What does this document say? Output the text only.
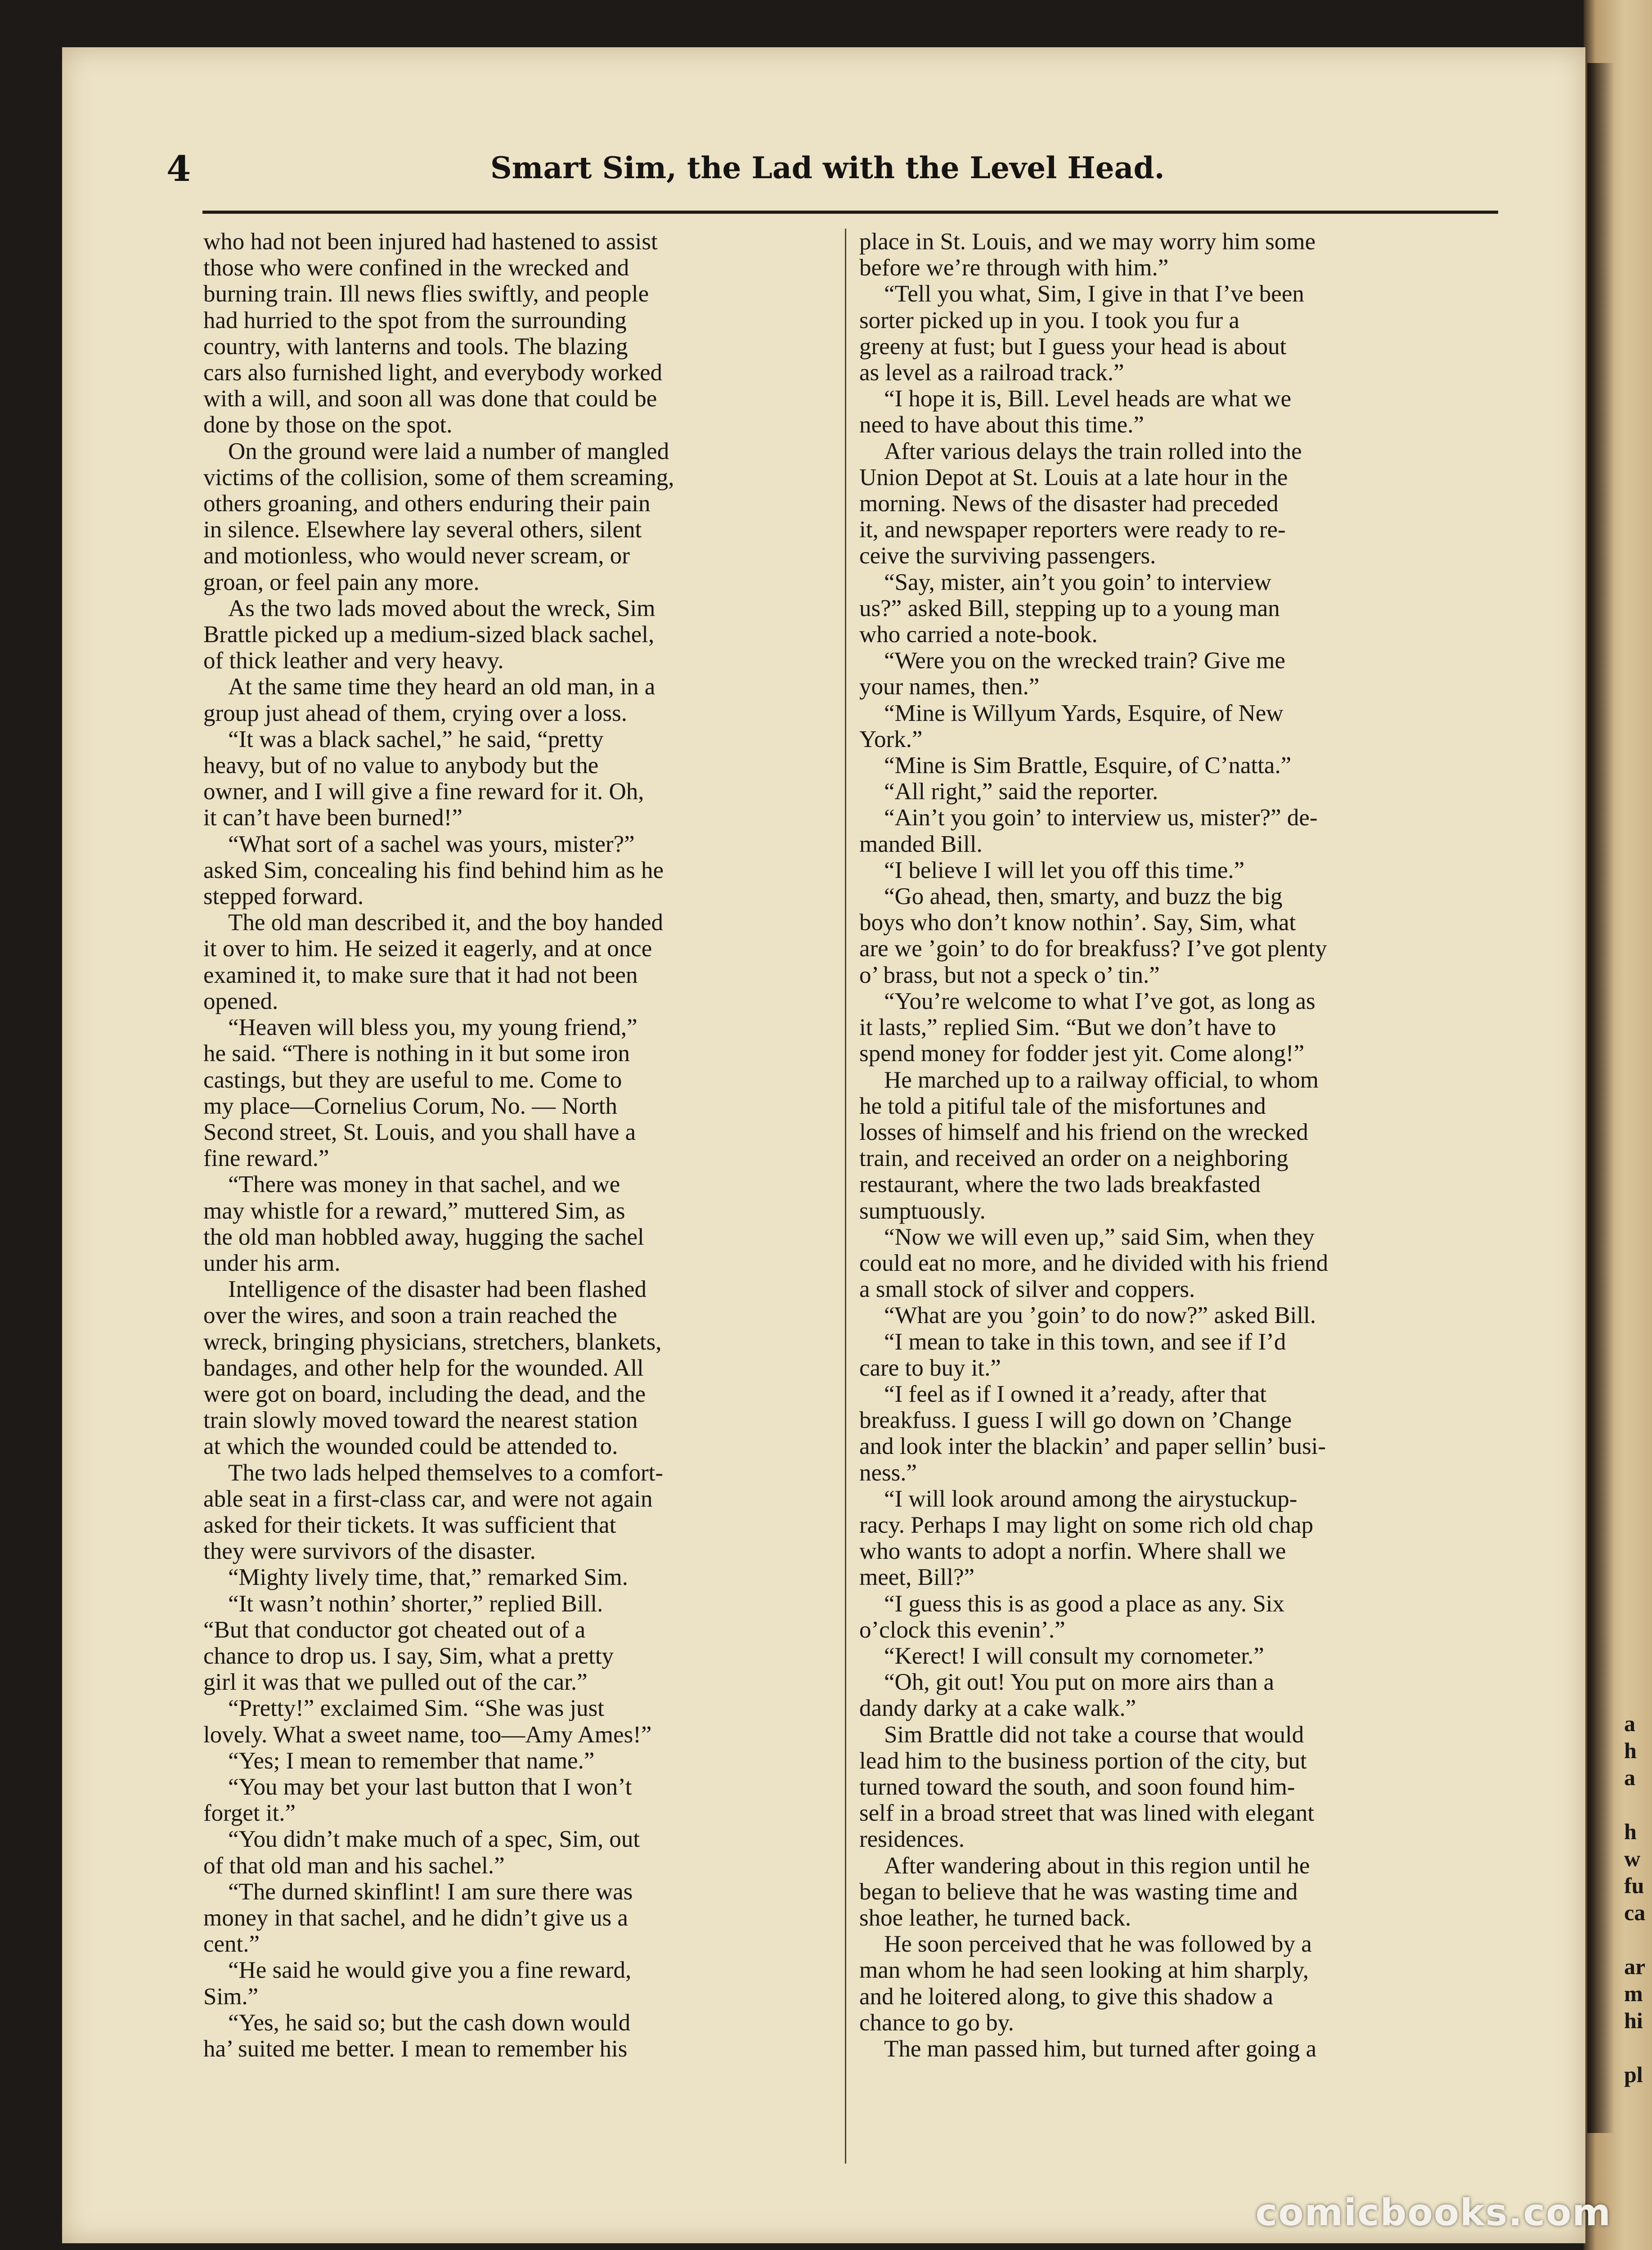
4	Smart Sim, the Lad with the Level Head.

who had not been injured had hastened to assist
those who were confined in the wrecked and
burning train. Ill news flies swiftly, and people
had hurried to the spot from the surrounding
country, with lanterns and tools. The blazing
cars also furnished light, and everybody worked
with a will, and soon all was done that could be
done by those on the spot.

On the ground were laid a number of mangled
victims of the collision, some of them screaming,
others groaning, and others enduring their pain
in silence. Elsewhere lay several others, silent
and motionless, who would never scream, or
groan, or feel pain any more.

As the two lads moved about the wreck, Sim
Brattle picked up a medium-sized black sachel,
of thick leather and very heavy.

At the same time they heard an old man, in a
group just ahead of them, crying over a loss.

“It was a black sachel,” he said, “pretty
heavy, but of no value to anybody but the
owner, and I will give a fine reward for it. Oh,
it can’t have been burned!”

“What sort of a sachel was yours, mister?”
asked Sim, concealing his find behind him as he
stepped forward.

The old man described it, and the boy handed
it over to him. He seized it eagerly, and at once
examined it, to make sure that it had not been
opened.

“Heaven will bless you, my young friend,”
he said. “There is nothing in it but some iron
castings, but they are useful to me. Come to
my place—Cornelius Corum, No. — North
Second street, St. Louis, and you shall have a
fine reward.”

“There was money in that sachel, and we
may whistle for a reward,” muttered Sim, as
the old man hobbled away, hugging the sachel
under his arm.

Intelligence of the disaster had been flashed
over the wires, and soon a train reached the
wreck, bringing physicians, stretchers, blankets,
bandages, and other help for the wounded. All
were got on board, including the dead, and the
train slowly moved toward the nearest station
at which the wounded could be attended to.

The two lads helped themselves to a comfort-
able seat in a first-class car, and were not again
asked for their tickets. It was sufficient that
they were survivors of the disaster.

“Mighty lively time, that,” remarked Sim.

“It wasn’t nothin’ shorter,” replied Bill.
“But that conductor got cheated out of a
chance to drop us. I say, Sim, what a pretty
girl it was that we pulled out of the car.”

“Pretty!” exclaimed Sim. “She was just
lovely. What a sweet name, too—Amy Ames!”

“Yes; I mean to remember that name.”

“You may bet your last button that I won’t
forget it.”

“You didn’t make much of a spec, Sim, out
of that old man and his sachel.”

“The durned skinflint! I am sure there was
money in that sachel, and he didn’t give us a
cent.”

“He said he would give you a fine reward,
Sim.”

“Yes, he said so; but the cash down would
ha’ suited me better. I mean to remember his

place in St. Louis, and we may worry him some
before we’re through with him.”

“Tell you what, Sim, I give in that I’ve been
sorter picked up in you. I took you fur a
greeny at fust; but I guess your head is about
as level as a railroad track.”

“I hope it is, Bill. Level heads are what we
need to have about this time.”

After various delays the train rolled into the
Union Depot at St. Louis at a late hour in the
morning. News of the disaster had preceded
it, and newspaper reporters were ready to re-
ceive the surviving passengers.

“Say, mister, ain’t you goin’ to interview
us?” asked Bill, stepping up to a young man
who carried a note-book.

“Were you on the wrecked train? Give me
your names, then.”

“Mine is Willyum Yards, Esquire, of New
York.”

“Mine is Sim Brattle, Esquire, of C’natta.”

“All right,” said the reporter.

“Ain’t you goin’ to interview us, mister?” de-
manded Bill.

“I believe I will let you off this time.”

“Go ahead, then, smarty, and buzz the big
boys who don’t know nothin’. Say, Sim, what
are we ’goin’ to do for breakfuss? I’ve got plenty
o’ brass, but not a speck o’ tin.”

“You’re welcome to what I’ve got, as long as
it lasts,” replied Sim. “But we don’t have to
spend money for fodder jest yit. Come along!”

He marched up to a railway official, to whom
he told a pitiful tale of the misfortunes and
losses of himself and his friend on the wrecked
train, and received an order on a neighboring
restaurant, where the two lads breakfasted
sumptuously.

“Now we will even up,” said Sim, when they
could eat no more, and he divided with his friend
a small stock of silver and coppers.

“What are you ’goin’ to do now?” asked Bill.

“I mean to take in this town, and see if I’d
care to buy it.”

“I feel as if I owned it a’ready, after that
breakfuss. I guess I will go down on ’Change
and look inter the blackin’ and paper sellin’ busi-
ness.”

“I will look around among the airystuckup-
racy. Perhaps I may light on some rich old chap
who wants to adopt a norfin. Where shall we
meet, Bill?”

“I guess this is as good a place as any. Six
o’clock this evenin’.”

“Kerect! I will consult my cornometer.”

“Oh, git out! You put on more airs than a
dandy darky at a cake walk.”

Sim Brattle did not take a course that would
lead him to the business portion of the city, but
turned toward the south, and soon found him-
self in a broad street that was lined with elegant
residences.

After wandering about in this region until he
began to believe that he was wasting time and
shoe leather, he turned back.

He soon perceived that he was followed by a
man whom he had seen looking at him sharply,
and he loitered along, to give this shadow a
chance to go by.

The man passed him, but turned after going a

a
h
a

h
w
fu
ca

ar
m
hi

pl
comicbooks.com
